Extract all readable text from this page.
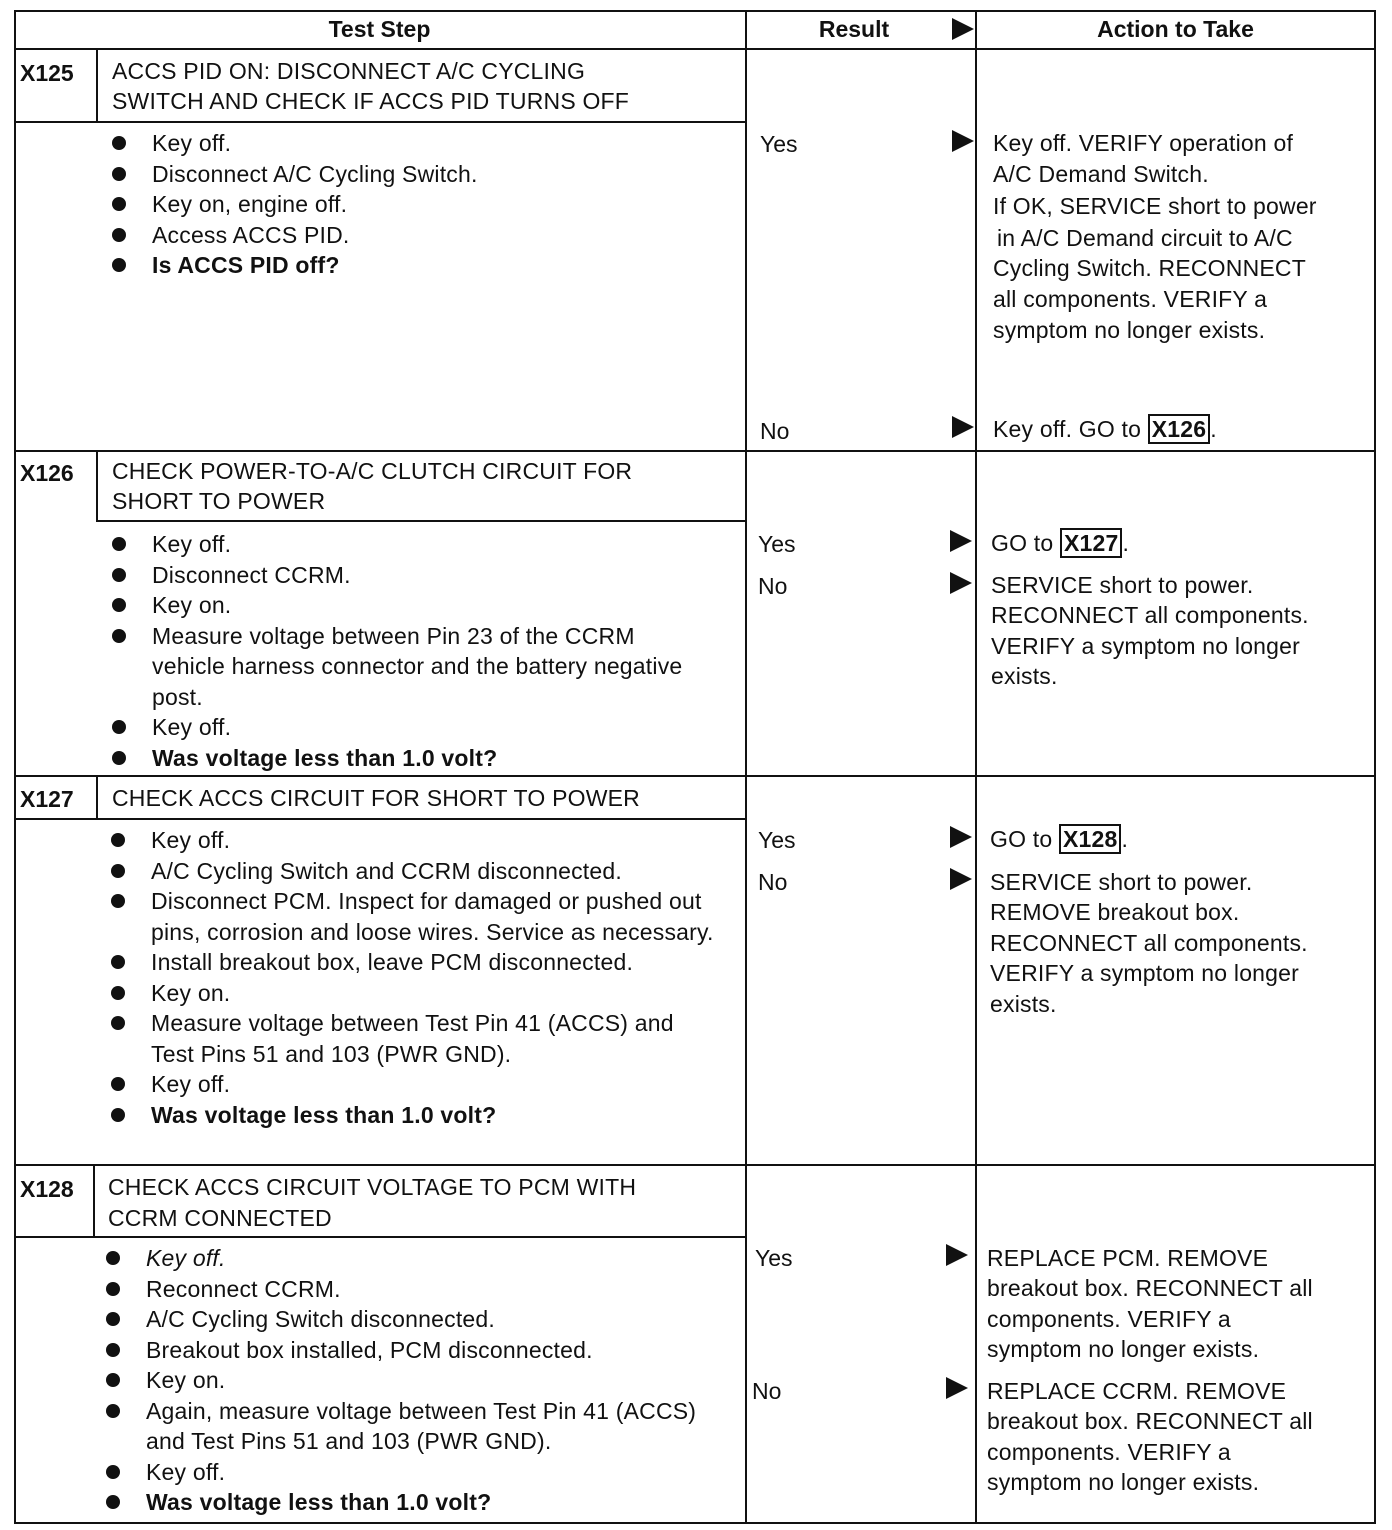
Test Step	Result	Action to Take
X125 ACCS PID ON: DISCONNECT A/C CYCLING
SWITCH AND CHECK IF ACCS PID TURNS OFF
Key off.
Disconnect A/C Cycling Switch.
Key on, engine off.
Access ACCS PID.
Is ACCS PID off?
Yes	Key off. VERIFY operation of
A/C Demand Switch.
If OK, SERVICE short to power
in A/C Demand circuit to A/C
Cycling Switch. RECONNECT
all components. VERIFY a
symptom no longer exists.
No	Key off. GO to X126 .
X126 CHECK POWER-TO-A/C CLUTCH CIRCUIT FOR
SHORT TO POWER
Key off.
Disconnect CCRM.
Key on.
Measure voltage between Pin 23 of the CCRM vehicle harness connector and the battery negative post.
Key off.
Was voltage less than 1.0 volt?
Yes	GO to X127 .
No	SERVICE short to power.
RECONNECT all components.
VERIFY a symptom no longer
exists.
X127 CHECK ACCS CIRCUIT FOR SHORT TO POWER
Key off.
A/C Cycling Switch and CCRM disconnected.
Disconnect PCM. Inspect for damaged or pushed out pins, corrosion and loose wires. Service as necessary.
Install breakout box, leave PCM disconnected.
Key on.
Measure voltage between Test Pin 41 (ACCS) and Test Pins 51 and 103 (PWR GND).
Key off.
Was voltage less than 1.0 volt?
Yes	GO to X128 .
No	SERVICE short to power.
REMOVE breakout box.
RECONNECT all components.
VERIFY a symptom no longer
exists.
X128 CHECK ACCS CIRCUIT VOLTAGE TO PCM WITH
CCRM CONNECTED
Key off.
Reconnect CCRM.
A/C Cycling Switch disconnected.
Breakout box installed, PCM disconnected.
Key on.
Again, measure voltage between Test Pin 41 (ACCS) and Test Pins 51 and 103 (PWR GND).
Key off.
Was voltage less than 1.0 volt?
Yes	REPLACE PCM. REMOVE
breakout box. RECONNECT all
components. VERIFY a
symptom no longer exists.
No	REPLACE CCRM. REMOVE
breakout box. RECONNECT all
components. VERIFY a
symptom no longer exists.
